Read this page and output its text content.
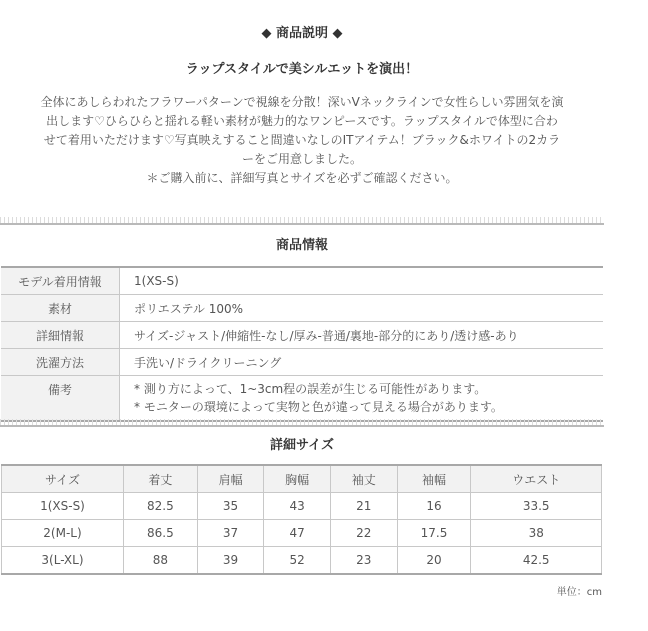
◆ 商品説明 ◆
ラップスタイルで美シルエットを演出！

全体にあしらわれたフラワーパターンで視線を分散！深いVネックラインで女性らしい雰囲気を演

出します♡ひらひらと揺れる軽い素材が魅力的なワンピースです。ラップスタイルで体型に合わ

せて着用いただけます♡写真映えすること間違いなしのITアイテム！ブラック&ホワイトの2カラ

ーをご用意しました。

＊ご購入前に、詳細写真とサイズを必ずご確認ください。

商品情報
モデル着用情報	1(XS-S)
素材	ポリエステル 100%
詳細情報	サイズ-ジャスト/伸縮性-なし/厚み-普通/裏地-部分的にあり/透け感-あり
洗濯方法	手洗い/ドライクリーニング
備考	* 測り方によって、1~3cm程の誤差が生じる可能性があります。
* モニターの環境によって実物と色が違って見える場合があります。
詳細サイズ
サイズ	着丈	肩幅	胸幅	袖丈	袖幅	ウエスト
1(XS-S)	82.5	35	43	21	16	33.5
2(M-L)	86.5	37	47	22	17.5	38
3(L-XL)	88	39	52	23	20	42.5
単位：cm
